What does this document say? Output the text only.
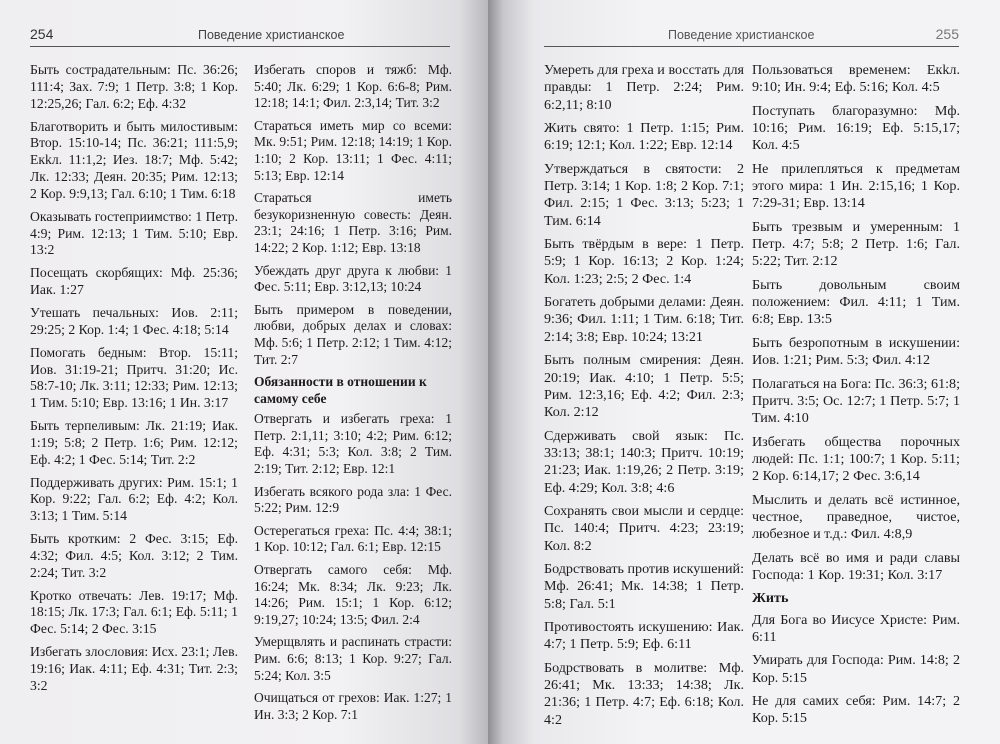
254	Поведение христианское
Быть сострадательным: Пс. 36:26; 111:4; Зах. 7:9; 1 Петр. 3:8; 1 Кор. 12:25,26; Гал. 6:2; Еф. 4:32
Благотворить и быть милостивым: Втор. 15:10-14; Пс. 36:21; 111:5,9; Екkл. 11:1,2; Иез. 18:7; Мф. 5:42; Лк. 12:33; Деян. 20:35; Рим. 12:13; 2 Кор. 9:9,13; Гал. 6:10; 1 Тим. 6:18
Оказывать гостеприимство: 1 Петр. 4:9; Рим. 12:13; 1 Тим. 5:10; Евр. 13:2
Посещать скорбящих: Мф. 25:36; Иак. 1:27
Утешать печальных: Иов. 2:11; 29:25; 2 Кор. 1:4; 1 Фес. 4:18; 5:14
Помогать бедным: Втор. 15:11; Иов. 31:19-21; Притч. 31:20; Ис. 58:7-10; Лк. 3:11; 12:33; Рим. 12:13; 1 Тим. 5:10; Евр. 13:16; 1 Ин. 3:17
Быть терпеливым: Лк. 21:19; Иак. 1:19; 5:8; 2 Петр. 1:6; Рим. 12:12; Еф. 4:2; 1 Фес. 5:14; Тит. 2:2
Поддерживать других: Рим. 15:1; 1 Кор. 9:22; Гал. 6:2; Еф. 4:2; Кол. 3:13; 1 Тим. 5:14
Быть кротким: 2 Фес. 3:15; Еф. 4:32; Фил. 4:5; Кол. 3:12; 2 Тим. 2:24; Тит. 3:2
Кротко отвечать: Лев. 19:17; Мф. 18:15; Лк. 17:3; Гал. 6:1; Еф. 5:11; 1 Фес. 5:14; 2 Фес. 3:15
Избегать злословия: Исх. 23:1; Лев. 19:16; Иак. 4:11; Еф. 4:31; Тит. 2:3; 3:2
Избегать споров и тяжб: Мф. 5:40; Лк. 6:29; 1 Кор. 6:6-8; Рим. 12:18; 14:1; Фил. 2:3,14; Тит. 3:2
Стараться иметь мир со всеми: Мк. 9:51; Рим. 12:18; 14:19; 1 Кор. 1:10; 2 Кор. 13:11; 1 Фес. 4:11; 5:13; Евр. 12:14
Стараться иметь безукоризненную совесть: Деян. 23:1; 24:16; 1 Петр. 3:16; Рим. 14:22; 2 Кор. 1:12; Евр. 13:18
Убеждать друг друга к любви: 1 Фес. 5:11; Евр. 3:12,13; 10:24
Быть примером в поведении, любви, добрых делах и словах: Мф. 5:6; 1 Петр. 2:12; 1 Тим. 4:12; Тит. 2:7
Обязанности в отношении к самому себе
Отвергать и избегать греха: 1 Петр. 2:1,11; 3:10; 4:2; Рим. 6:12; Еф. 4:31; 5:3; Кол. 3:8; 2 Тим. 2:19; Тит. 2:12; Евр. 12:1
Избегать всякого рода зла: 1 Фес. 5:22; Рим. 12:9
Остерегаться греха: Пс. 4:4; 38:1; 1 Кор. 10:12; Гал. 6:1; Евр. 12:15
Отвергать самого себя: Мф. 16:24; Мк. 8:34; Лк. 9:23; Лк. 14:26; Рим. 15:1; 1 Кор. 6:12; 9:19,27; 10:24; 13:5; Фил. 2:4
Умерщвлять и распинать страсти: Рим. 6:6; 8:13; 1 Кор. 9:27; Гал. 5:24; Кол. 3:5
Очищаться от грехов: Иак. 1:27; 1 Ин. 3:3; 2 Кор. 7:1
Поведение христианское	255
Умереть для греха и восстать для правды: 1 Петр. 2:24; Рим. 6:2,11; 8:10
Жить свято: 1 Петр. 1:15; Рим. 6:19; 12:1; Кол. 1:22; Евр. 12:14
Утверждаться в святости: 2 Петр. 3:14; 1 Кор. 1:8; 2 Кор. 7:1; Фил. 2:15; 1 Фес. 3:13; 5:23; 1 Тим. 6:14
Быть твёрдым в вере: 1 Петр. 5:9; 1 Кор. 16:13; 2 Кор. 1:24; Кол. 1:23; 2:5; 2 Фес. 1:4
Богатеть добрыми делами: Деян. 9:36; Фил. 1:11; 1 Тим. 6:18; Тит. 2:14; 3:8; Евр. 10:24; 13:21
Быть полным смирения: Деян. 20:19; Иак. 4:10; 1 Петр. 5:5; Рим. 12:3,16; Еф. 4:2; Фил. 2:3; Кол. 2:12
Сдерживать свой язык: Пс. 33:13; 38:1; 140:3; Притч. 10:19; 21:23; Иак. 1:19,26; 2 Петр. 3:19; Еф. 4:29; Кол. 3:8; 4:6
Сохранять свои мысли и сердце: Пс. 140:4; Притч. 4:23; 23:19; Кол. 8:2
Бодрствовать против искушений: Мф. 26:41; Мк. 14:38; 1 Петр. 5:8; Гал. 5:1
Противостоять искушению: Иак. 4:7; 1 Петр. 5:9; Еф. 6:11
Бодрствовать в молитве: Мф. 26:41; Мк. 13:33; 14:38; Лк. 21:36; 1 Петр. 4:7; Еф. 6:18; Кол. 4:2
Пользоваться временем: Екkл. 9:10; Ин. 9:4; Еф. 5:16; Кол. 4:5
Поступать благоразумно: Мф. 10:16; Рим. 16:19; Еф. 5:15,17; Кол. 4:5
Не прилепляться к предметам этого мира: 1 Ин. 2:15,16; 1 Кор. 7:29-31; Евр. 13:14
Быть трезвым и умеренным: 1 Петр. 4:7; 5:8; 2 Петр. 1:6; Гал. 5:22; Тит. 2:12
Быть довольным своим положением: Фил. 4:11; 1 Тим. 6:8; Евр. 13:5
Быть безропотным в искушении: Иов. 1:21; Рим. 5:3; Фил. 4:12
Полагаться на Бога: Пс. 36:3; 61:8; Притч. 3:5; Ос. 12:7; 1 Петр. 5:7; 1 Тим. 4:10
Избегать общества порочных людей: Пс. 1:1; 100:7; 1 Кор. 5:11; 2 Кор. 6:14,17; 2 Фес. 3:6,14
Мыслить и делать всё истинное, честное, праведное, чистое, любезное и т.д.: Фил. 4:8,9
Делать всё во имя и ради славы Господа: 1 Кор. 19:31; Кол. 3:17
Жить
Для Бога во Иисусе Христе: Рим. 6:11
Умирать для Господа: Рим. 14:8; 2 Кор. 5:15
Не для самих себя: Рим. 14:7; 2 Кор. 5:15
